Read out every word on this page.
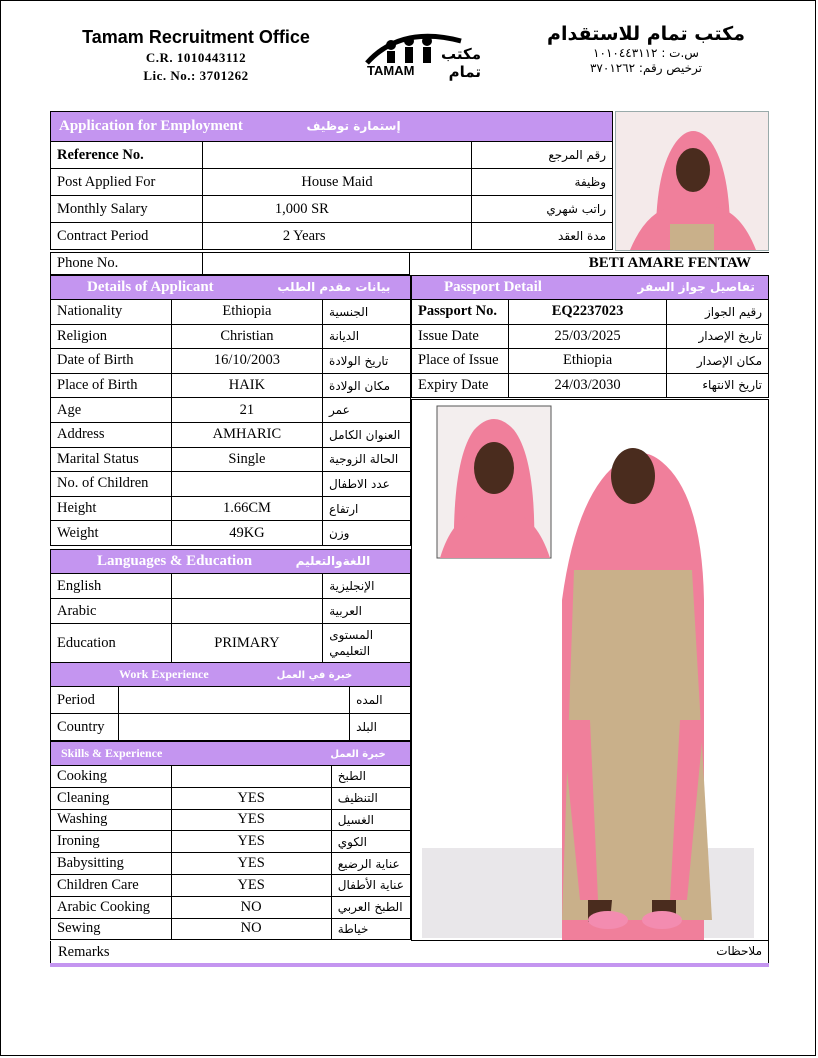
Tamam Recruitment Office
C.R. 1010443112
Lic. No.: 3701262	TAMAM
مكتب تمام
مكتب تمام للاستقدام
س.ت : ١٠١٠٤٤٣١١٢
ترخيص رقم: ٣٧٠١٢٦٢
Application for Employment إستمارة توظيف		
Reference No.		رقم المرجع
Post Applied For	House Maid	وظيفة
Monthly Salary	1,000 SR	راتب شهري
Contract Period	2 Years	مدة العقد
Phone No.		BETI AMARE FENTAW
Details of Applicant بيانات مقدم الطلب		
Nationality	Ethiopia	الجنسية
Religion	Christian	الديانة
Date of Birth	16/10/2003	تاريخ الولادة
Place of Birth	HAIK	مكان الولادة
Age	21	عمر
Address	AMHARIC	العنوان الكامل
Marital Status	Single	الحالة الزوجية
No. of Children		عدد الاطفال
Height	1.66CM	ارتفاع
Weight	49KG	وزن
Passport Detail تفاصيل جواز السفر		
Passport No.	EQ2237023	رقيم الجواز
Issue Date	25/03/2025	تاريخ الإصدار
Place of Issue	Ethiopia	مكان الإصدار
Expiry Date	24/03/2030	تاريخ الانتهاء
Languages & Education اللغةوالتعليم		
English		الإنجليزية
Arabic		العربية
Education	PRIMARY	المستوى
التعليمي
Work Experience خبرة في العمل		
Period		المده
Country		البلد
Skills & Experience خبرة العمل		
Cooking		الطبخ
Cleaning	YES	التنظيف
Washing	YES	الغسيل
Ironing	YES	الكوي
Babysitting	YES	عناية الرضيع
Children Care	YES	عناية الأطفال
Arabic Cooking	NO	الطبخ العربي
Sewing	NO	خياطة
Remarks	ملاحظات
